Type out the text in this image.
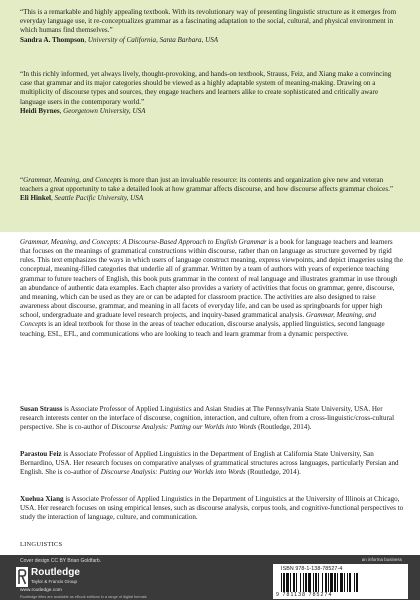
“This is a remarkable and highly appealing textbook. With its revolutionary way of presenting linguistic structure as it emerges from everyday language use, it re-conceptualizes grammar as a fascinating adaptation to the social, cultural, and physical environment in which humans find themselves.”

Sandra A. Thompson, University of California, Santa Barbara, USA

“In this richly informed, yet always lively, thought-provoking, and hands-on textbook, Strauss, Feiz, and Xiang make a convincing case that grammar and its major categories should be viewed as a highly adaptable system of meaning-making. Drawing on a multiplicity of discourse types and sources, they engage teachers and learners alike to create sophisticated and critically aware language users in the contemporary world.”

Heidi Byrnes, Georgetown University, USA

“Grammar, Meaning, and Concepts is more than just an invaluable resource: its contents and organization give new and veteran teachers a great opportunity to take a detailed look at how grammar affects discourse, and how discourse affects grammar choices.”

Eli Hinkel, Seattle Pacific University, USA

Grammar, Meaning, and Concepts: A Discourse-Based Approach to English Grammar is a book for language teachers and learners that focuses on the meanings of grammatical constructions within discourse, rather than on language as structure governed by rigid rules. This text emphasizes the ways in which users of language construct meaning, express viewpoints, and depict imageries using the conceptual, meaning-filled categories that underlie all of grammar. Written by a team of authors with years of experience teaching grammar to future teachers of English, this book puts grammar in the context of real language and illustrates grammar in use through an abundance of authentic data examples. Each chapter also provides a variety of activities that focus on grammar, genre, discourse, and meaning, which can be used as they are or can be adapted for classroom practice. The activities are also designed to raise awareness about discourse, grammar, and meaning in all facets of everyday life, and can be used as springboards for upper high school, undergraduate and graduate level research projects, and inquiry-based grammatical analysis. Grammar, Meaning, and Concepts is an ideal textbook for those in the areas of teacher education, discourse analysis, applied linguistics, second language teaching, ESL, EFL, and communications who are looking to teach and learn grammar from a dynamic perspective.

Susan Strauss is Associate Professor of Applied Linguistics and Asian Studies at The Pennsylvania State University, USA. Her research interests center on the interface of discourse, cognition, interaction, and culture, often from a cross-linguistic/cross-cultural perspective. She is co-author of Discourse Analysis: Putting our Worlds into Words (Routledge, 2014).

Parastou Feiz is Associate Professor of Applied Linguistics in the Department of English at California State University, San Bernardino, USA. Her research focuses on comparative analyses of grammatical structures across languages, particularly Persian and English. She is co-author of Discourse Analysis: Putting our Worlds into Words (Routledge, 2014).

Xuehua Xiang is Associate Professor of Applied Linguistics in the Department of Linguistics at the University of Illinois at Chicago, USA. Her research focuses on using empirical lenses, such as discourse analysis, corpus tools, and cognitive-functional perspectives to study the interaction of language, culture, and communication.

LINGUISTICS
Cover design CC BY Brian Goldfarb.	an informa business
Routledge
Taylor & Francis Group
www.routledge.com
Routledge titles are available as eBook editions in a range of digital formats
ISBN 978-1-138-78527-4
9 781138 785274
